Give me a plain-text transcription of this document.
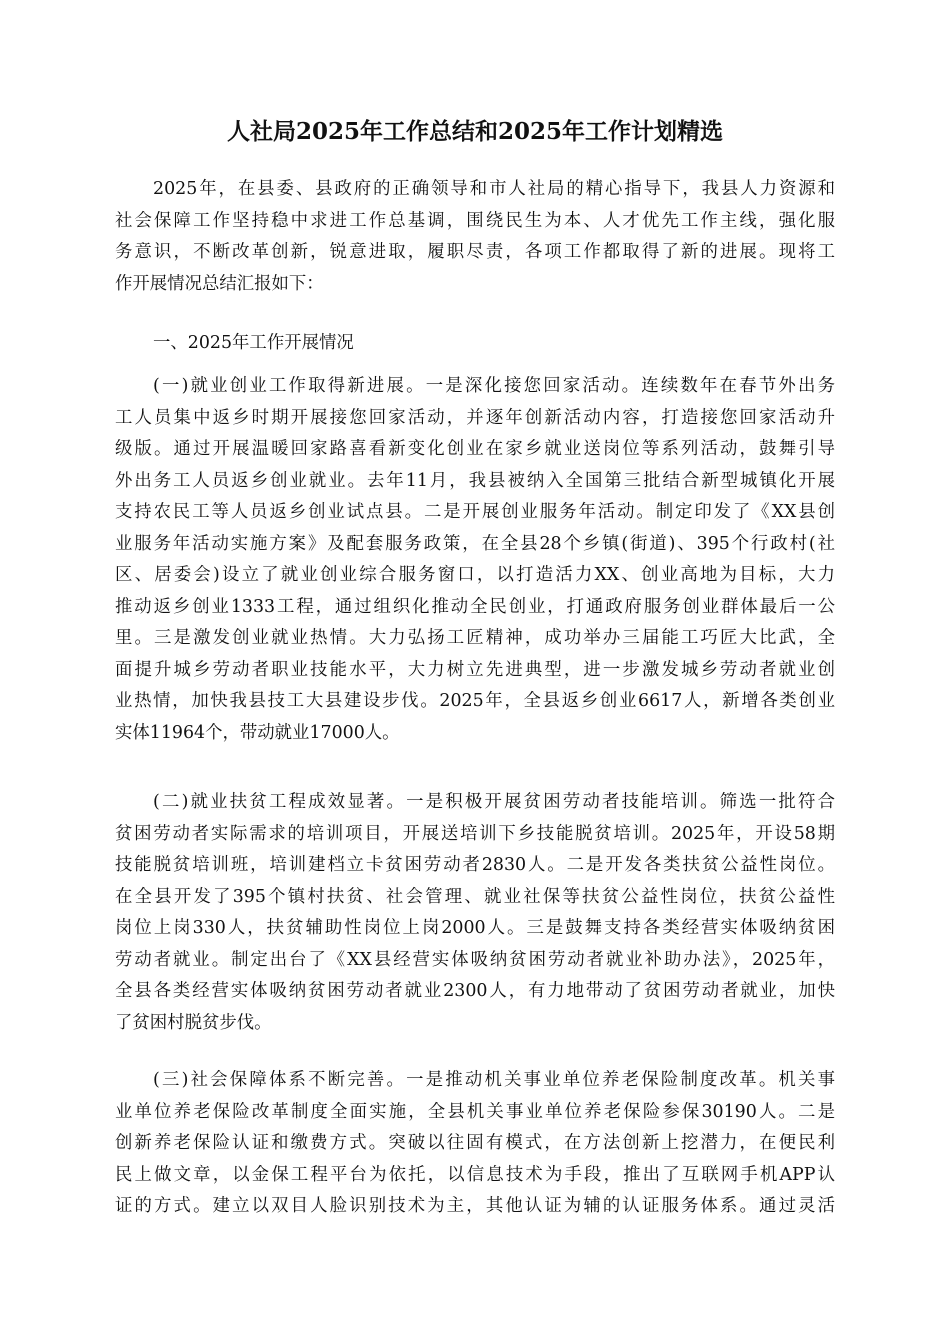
人社局2025年工作总结和2025年工作计划精选
2025年，在县委、县政府的正确领导和市人社局的精心指导下，我县人力资源和
社会保障工作坚持稳中求进工作总基调，围绕民生为本、人才优先工作主线，强化服
务意识，不断改革创新，锐意进取，履职尽责，各项工作都取得了新的进展。现将工
作开展情况总结汇报如下：
一、2025年工作开展情况
(一)就业创业工作取得新进展。一是深化接您回家活动。连续数年在春节外出务
工人员集中返乡时期开展接您回家活动，并逐年创新活动内容，打造接您回家活动升
级版。通过开展温暖回家路喜看新变化创业在家乡就业送岗位等系列活动，鼓舞引导
外出务工人员返乡创业就业。去年11月，我县被纳入全国第三批结合新型城镇化开展
支持农民工等人员返乡创业试点县。二是开展创业服务年活动。制定印发了《XX县创
业服务年活动实施方案》及配套服务政策，在全县28个乡镇(街道)、395个行政村(社
区、居委会)设立了就业创业综合服务窗口，以打造活力XX、创业高地为目标，大力
推动返乡创业1333工程，通过组织化推动全民创业，打通政府服务创业群体最后一公
里。三是激发创业就业热情。大力弘扬工匠精神，成功举办三届能工巧匠大比武，全
面提升城乡劳动者职业技能水平，大力树立先进典型，进一步激发城乡劳动者就业创
业热情，加快我县技工大县建设步伐。2025年，全县返乡创业6617人，新增各类创业
实体11964个，带动就业17000人。
(二)就业扶贫工程成效显著。一是积极开展贫困劳动者技能培训。筛选一批符合
贫困劳动者实际需求的培训项目，开展送培训下乡技能脱贫培训。2025年，开设58期
技能脱贫培训班，培训建档立卡贫困劳动者2830人。二是开发各类扶贫公益性岗位。
在全县开发了395个镇村扶贫、社会管理、就业社保等扶贫公益性岗位，扶贫公益性
岗位上岗330人，扶贫辅助性岗位上岗2000人。三是鼓舞支持各类经营实体吸纳贫困
劳动者就业。制定出台了《XX县经营实体吸纳贫困劳动者就业补助办法》，2025年，
全县各类经营实体吸纳贫困劳动者就业2300人，有力地带动了贫困劳动者就业，加快
了贫困村脱贫步伐。
(三)社会保障体系不断完善。一是推动机关事业单位养老保险制度改革。机关事
业单位养老保险改革制度全面实施，全县机关事业单位养老保险参保30190人。二是
创新养老保险认证和缴费方式。突破以往固有模式，在方法创新上挖潜力，在便民利
民上做文章，以金保工程平台为依托，以信息技术为手段，推出了互联网手机APP认
证的方式。建立以双目人脸识别技术为主，其他认证为辅的认证服务体系。通过灵活
